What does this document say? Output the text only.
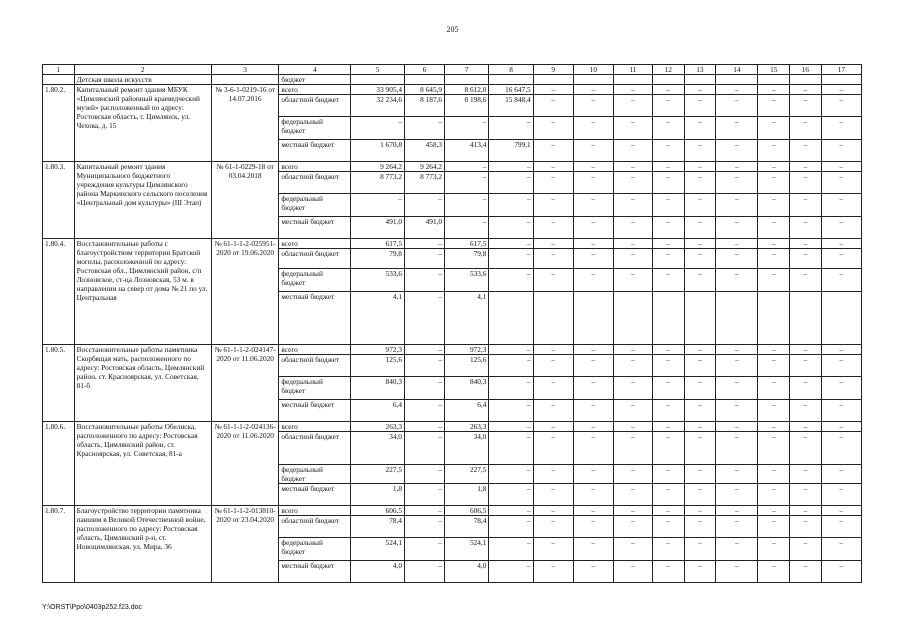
205
1	2	3	4	5	6	7	8	9	10	11	12	13	14	15	16	17
	Детская школа искусств		бюджет													
1.80.2.	Капитальный ремонт здания МБУК «Цимлянский районный краеведческий музей» расположенный по адресу: Ростовская область, г. Цимлянск, ул. Чехова, д. 15	№ 3-6-1-0219-16 от 14.07.2016	всего	33 905,4	8 645,9	8 612,0	16 647,5	–	–	–	–	–	–	–	–	–
			областной бюджет	32 234,6	8 187,6	8 198,6	15 848,4	–	–	–	–	–	–	–	–	–
			федеральный бюджет	–	–	–	–	–	–	–	–	–	–	–	–	–
			местный бюджет	1 670,8	458,3	413,4	799,1	–	–	–	–	–	–	–	–	–
1.80.3.	Капитальный ремонт здания Муниципального бюджетного учреждения культуры Цимлянского района Маркинского сельского поселения «Центральный дом культуры» (III Этап)	№ 61-1-0229-18 от 03.04.2018	всего	9 264,2	9 264,2	–	–	–	–	–	–	–	–	–	–	–
			областной бюджет	8 773,2	8 773,2	–	–	–	–	–	–	–	–	–	–	–
			федеральный бюджет	–	–	–	–	–	–	–	–	–	–	–	–	–
			местный бюджет	491,0	491,0	–	–	–	–	–	–	–	–	–	–	–
1.80.4.	Восстановительные работы с благоустройством территории Братской могилы, расположенной по адресу: Ростовская обл., Цимлянский район, с/п Лозновское, ст-ца Лозновская, 53 м. в направлении на север от дома № 21 по ул. Центральная	№ 61-1-1-2-025951-2020 от 19.06.2020	всего	617,5	–	617,5	–	–	–	–	–	–	–	–	–	–
			областной бюджет	79,8	–	79,8	–	–	–	–	–	–	–	–	–	–
			федеральный бюджет	533,6	–	533,6	–	–	–	–	–	–	–	–	–	–
			местный бюджет	4,1	–	4,1										
1.80.5.	Восстановительные работы памятника Скорбящая мать, расположенного по адресу: Ростовская область, Цимлянский район, ст. Красноярская, ул. Советская, 81-б	№ 61-1-1-2-024147-2020 от 11.06.2020	всего	972,3	–	972,3	–	–	–	–	–	–	–	–	–	–
			областной бюджет	125,6	–	125,6	–	–	–	–	–	–	–	–	–	–
			федеральный бюджет	840,3	–	840,3	–	–	–	–	–	–	–	–	–	–
			местный бюджет	6,4	–	6,4	–	–	–	–	–	–	–	–	–	–
1.80.6.	Восстановительные работы Обелиска, расположенного по адресу: Ростовская область, Цимлянский район, ст. Красноярская, ул. Советская, 81-а	№ 61-1-1-2-024136-2020 от 11.06.2020	всего	263,3	–	263,3	–	–	–	–	–	–	–	–	–	–
			областной бюджет	34,0	–	34,0	–	–	–	–	–	–	–	–	–	–
			федеральный бюджет	227,5	–	227,5	–	–	–	–	–	–	–	–	–	–
			местный бюджет	1,8	–	1,8	–	–	–	–	–	–	–	–	–	–
1.80.7.	Благоустройство территории памятника павшим в Великой Отечественной войне, расположенного по адресу: Ростовская область, Цимлянский р-н, ст. Новоцимлянская, ул. Мира, 36	№ 61-1-1-2-013810-2020 от 23.04.2020	всего	606,5	–	606,5	–	–	–	–	–	–	–	–	–	–
			областной бюджет	78,4	–	78,4	–	–	–	–	–	–	–	–	–	–
			федеральный бюджет	524,1	–	524,1	–	–	–	–	–	–	–	–	–	–
			местный бюджет	4,0	–	4,0	–	–	–	–	–	–	–	–	–	–
Y:\ORST\Ppo\0403p252.f23.doc
